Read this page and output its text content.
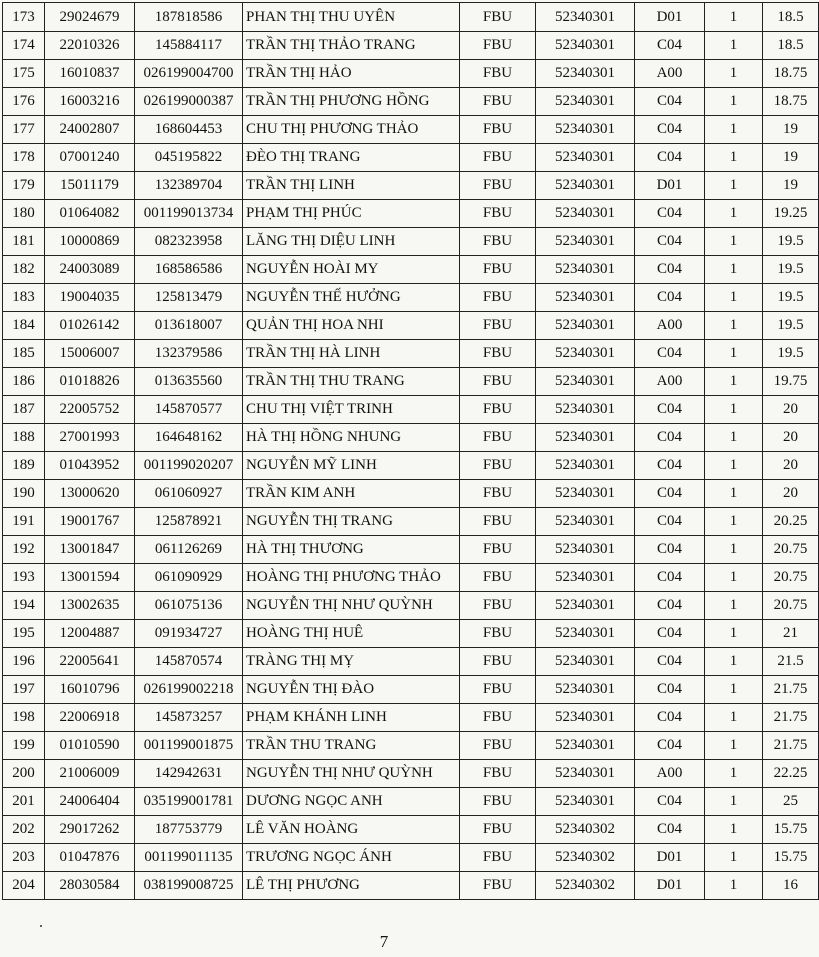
173	29024679	187818586	PHAN THỊ THU UYÊN	FBU	52340301	D01	1	18.5
174	22010326	145884117	TRẦN THỊ THẢO TRANG	FBU	52340301	C04	1	18.5
175	16010837	026199004700	TRẦN THỊ HẢO	FBU	52340301	A00	1	18.75
176	16003216	026199000387	TRẦN THỊ PHƯƠNG HỒNG	FBU	52340301	C04	1	18.75
177	24002807	168604453	CHU THỊ PHƯƠNG THẢO	FBU	52340301	C04	1	19
178	07001240	045195822	ĐÈO THỊ TRANG	FBU	52340301	C04	1	19
179	15011179	132389704	TRẦN THỊ LINH	FBU	52340301	D01	1	19
180	01064082	001199013734	PHẠM THỊ PHÚC	FBU	52340301	C04	1	19.25
181	10000869	082323958	LĂNG THỊ DIỆU LINH	FBU	52340301	C04	1	19.5
182	24003089	168586586	NGUYỄN HOÀI MY	FBU	52340301	C04	1	19.5
183	19004035	125813479	NGUYỄN THẾ HƯỞNG	FBU	52340301	C04	1	19.5
184	01026142	013618007	QUẢN THỊ HOA NHI	FBU	52340301	A00	1	19.5
185	15006007	132379586	TRẦN THỊ HÀ LINH	FBU	52340301	C04	1	19.5
186	01018826	013635560	TRẦN THỊ THU TRANG	FBU	52340301	A00	1	19.75
187	22005752	145870577	CHU THỊ VIỆT TRINH	FBU	52340301	C04	1	20
188	27001993	164648162	HÀ THỊ HỒNG NHUNG	FBU	52340301	C04	1	20
189	01043952	001199020207	NGUYỄN MỸ LINH	FBU	52340301	C04	1	20
190	13000620	061060927	TRẦN KIM ANH	FBU	52340301	C04	1	20
191	19001767	125878921	NGUYỄN THỊ TRANG	FBU	52340301	C04	1	20.25
192	13001847	061126269	HÀ THỊ THƯƠNG	FBU	52340301	C04	1	20.75
193	13001594	061090929	HOÀNG THỊ PHƯƠNG THẢO	FBU	52340301	C04	1	20.75
194	13002635	061075136	NGUYỄN THỊ NHƯ QUỲNH	FBU	52340301	C04	1	20.75
195	12004887	091934727	HOÀNG THỊ HUÊ	FBU	52340301	C04	1	21
196	22005641	145870574	TRÀNG THỊ MỴ	FBU	52340301	C04	1	21.5
197	16010796	026199002218	NGUYỄN THỊ ĐÀO	FBU	52340301	C04	1	21.75
198	22006918	145873257	PHẠM KHÁNH LINH	FBU	52340301	C04	1	21.75
199	01010590	001199001875	TRẦN THU TRANG	FBU	52340301	C04	1	21.75
200	21006009	142942631	NGUYỄN THỊ NHƯ QUỲNH	FBU	52340301	A00	1	22.25
201	24006404	035199001781	DƯƠNG NGỌC ANH	FBU	52340301	C04	1	25
202	29017262	187753779	LÊ VĂN HOÀNG	FBU	52340302	C04	1	15.75
203	01047876	001199011135	TRƯƠNG NGỌC ÁNH	FBU	52340302	D01	1	15.75
204	28030584	038199008725	LÊ THỊ PHƯƠNG	FBU	52340302	D01	1	16
7
